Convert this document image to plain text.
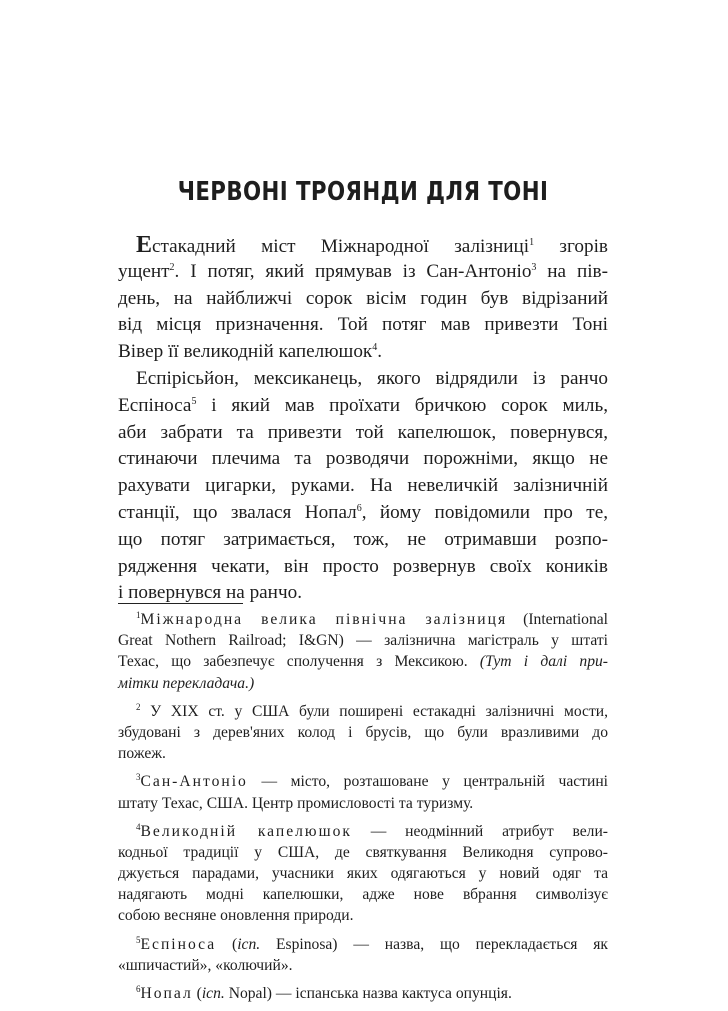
ЧЕРВОНІ ТРОЯНДИ ДЛЯ ТОНІ
Естакадний міст Міжнародної залізниці$^1$ згорів
ущент$^2$. І потяг, який прямував із Сан-Антоніо$^3$ на пів-
день, на найближчі сорок вісім годин був відрізаний
від місця призначення. Той потяг мав привезти Тоні
Вівер її великодній капелюшок$^4$.
Еспірісьйон, мексиканець, якого відрядили із ранчо
Еспіноса$^5$ і який мав проїхати бричкою сорок миль,
аби забрати та привезти той капелюшок, повернувся,
стинаючи плечима та розводячи порожніми, якщо не
рахувати цигарки, руками. На невеличкій залізничній
станції, що звалася Нопал$^6$, йому повідомили про те,
що потяг затримається, тож, не отримавши розпо-
рядження чекати, він просто розвернув своїх коників
і повернувся на ранчо.
$^1$Міжнародна велика північна залізниця (International
Great Nothern Railroad; I&GN) — залізнична магістраль у штаті
Техас, що забезпечує сполучення з Мексикою. (Тут і далі при-
мітки перекладача.)
$^2$ У ХІХ ст. у США були поширені естакадні залізничні мости,
збудовані з дерев'яних колод і брусів, що були вразливими до
пожеж.
$^3$Сан-Антоніо — місто, розташоване у центральній частині
штату Техас, США. Центр промисловості та туризму.
$^4$Великодній капелюшок — неодмінний атрибут вели-
кодньої традиції у США, де святкування Великодня супрово-
джується парадами, учасники яких одягаються у новий одяг та
надягають модні капелюшки, адже нове вбрання символізує
собою весняне оновлення природи.
$^5$Еспіноса (ісп. Espinosa) — назва, що перекладається як
«шпичастий», «колючий».
$^6$Нопал (ісп. Nopal) — іспанська назва кактуса опунція.
